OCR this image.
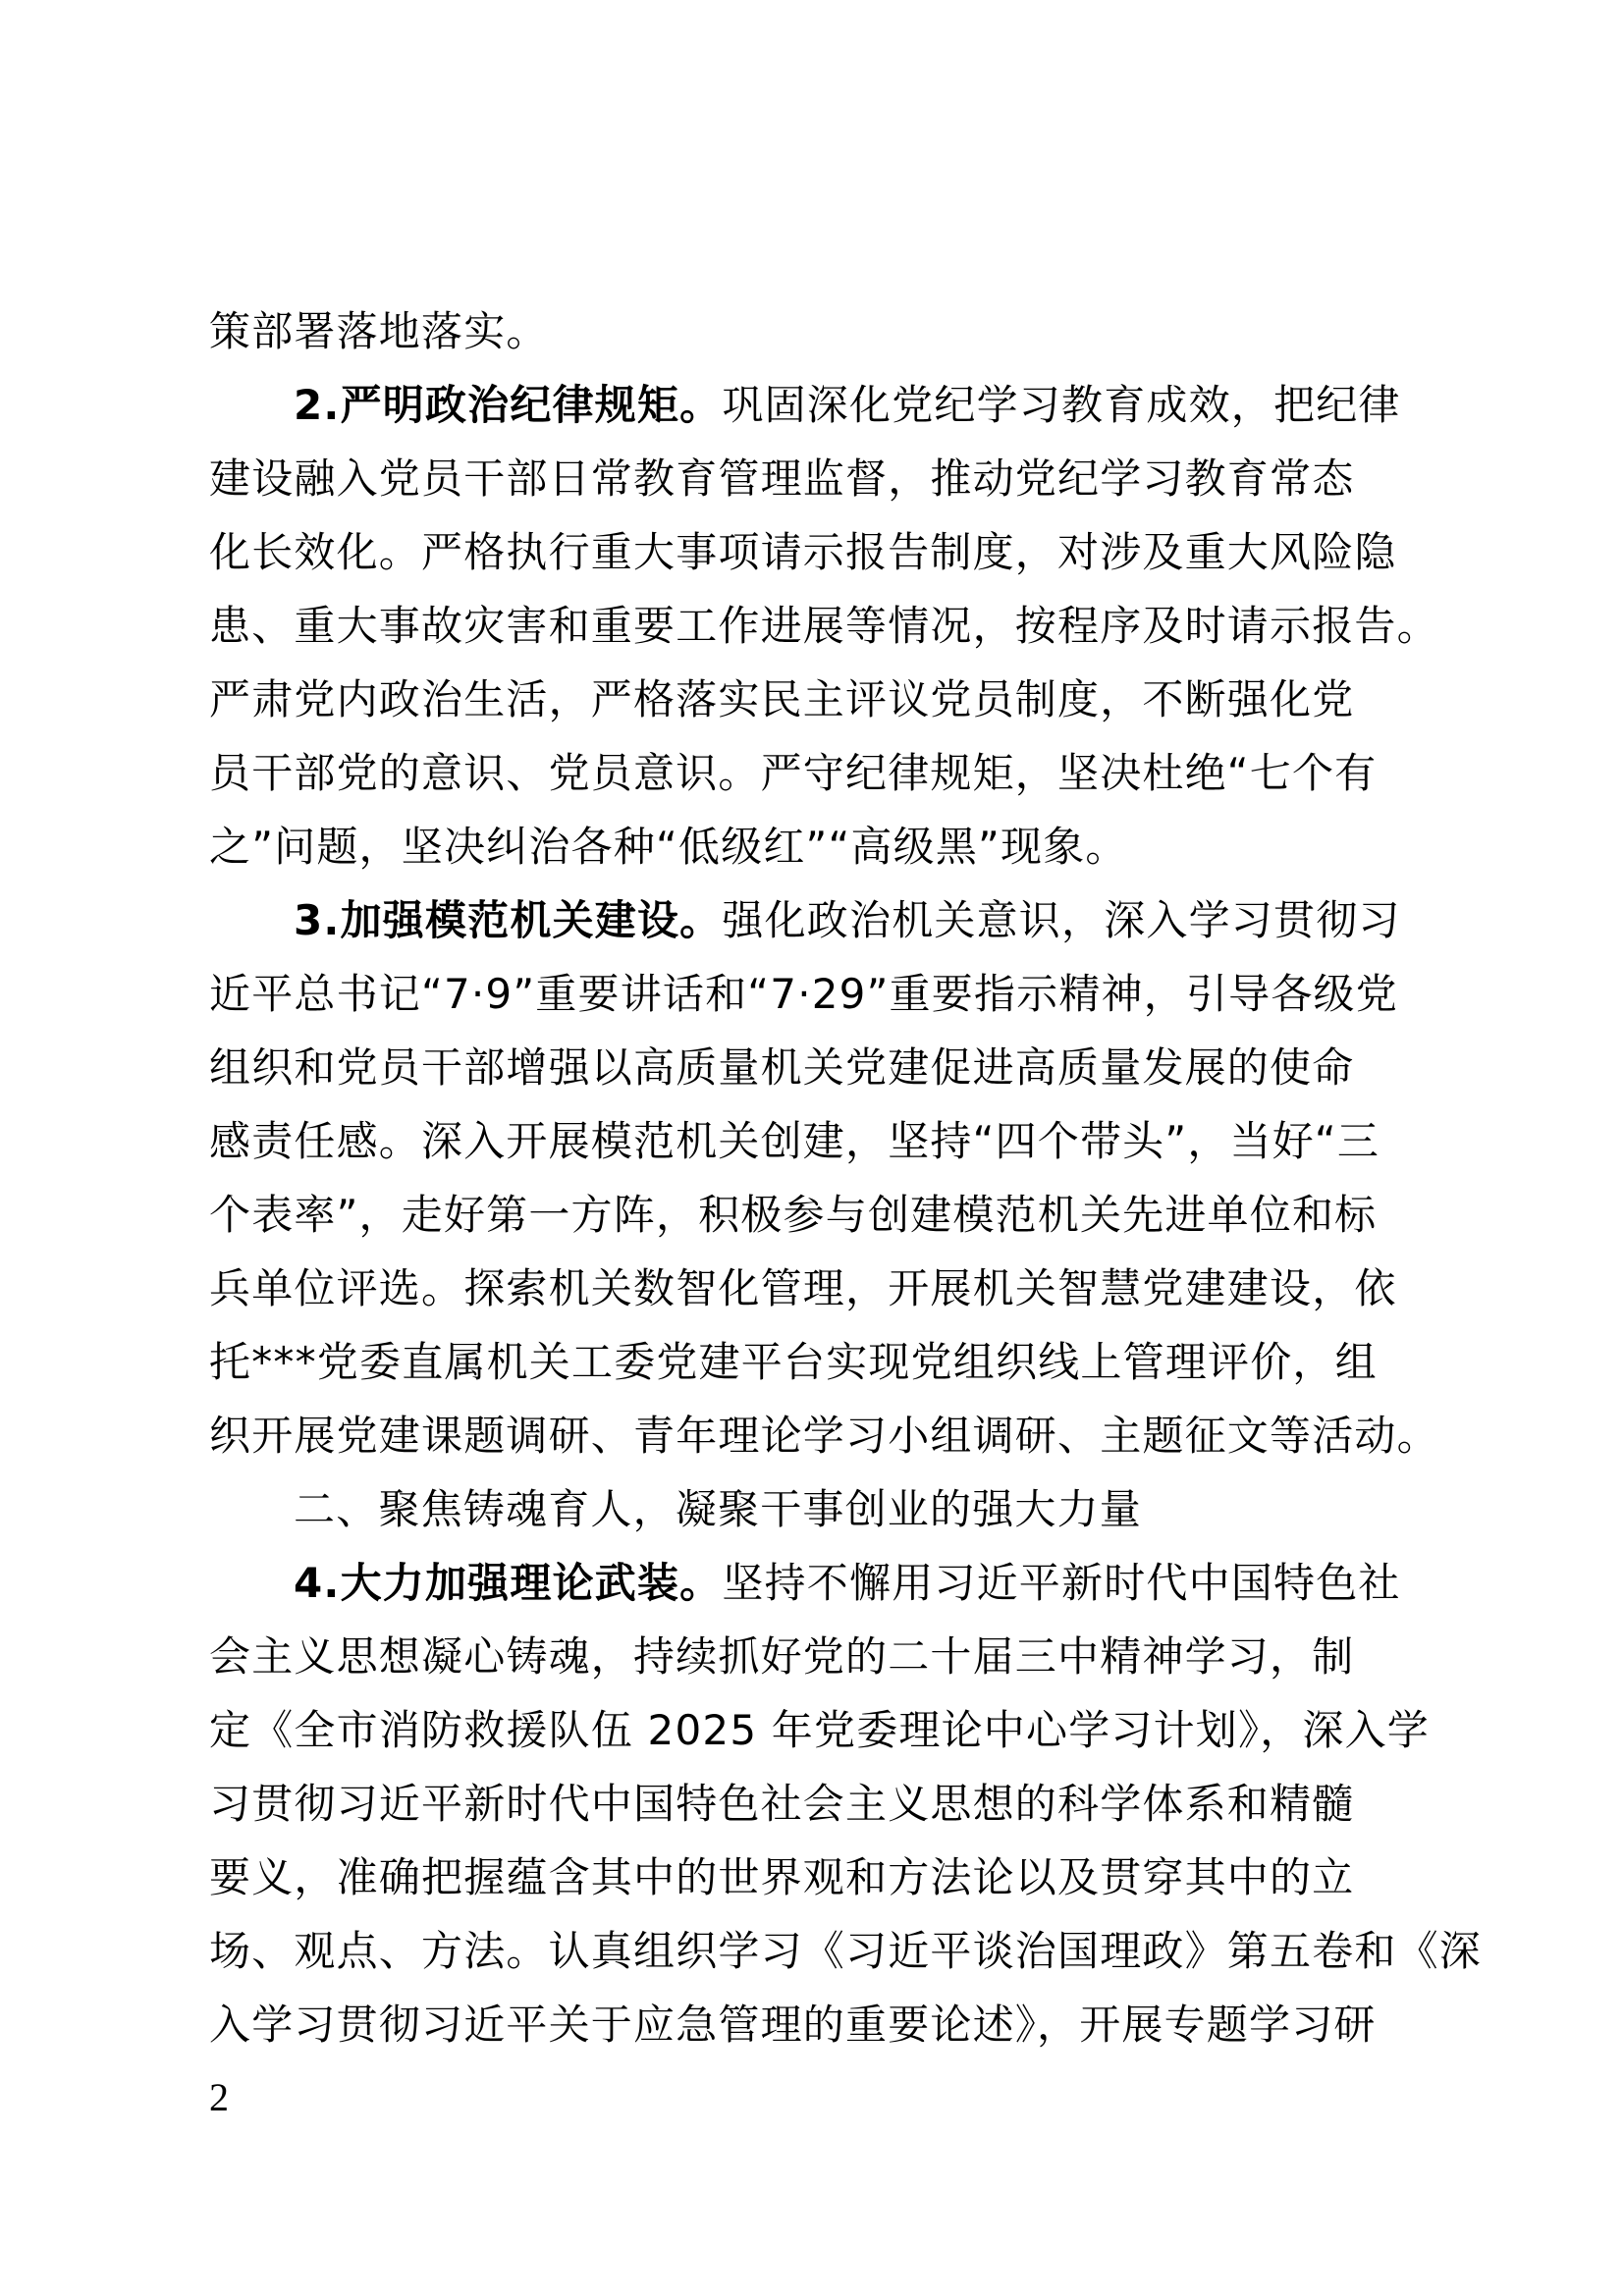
策部署落地落实。
2.严明政治纪律规矩。巩固深化党纪学习教育成效，把纪律
建设融入党员干部日常教育管理监督，推动党纪学习教育常态
化长效化。严格执行重大事项请示报告制度，对涉及重大风险隐
患、重大事故灾害和重要工作进展等情况，按程序及时请示报告。
严肃党内政治生活，严格落实民主评议党员制度，不断强化党
员干部党的意识、党员意识。严守纪律规矩，坚决杜绝“七个有
之”问题，坚决纠治各种“低级红”“高级黑”现象。
3.加强模范机关建设。强化政治机关意识，深入学习贯彻习
近平总书记“7·9”重要讲话和“7·29”重要指示精神，引导各级党
组织和党员干部增强以高质量机关党建促进高质量发展的使命
感责任感。深入开展模范机关创建，坚持“四个带头”，当好“三
个表率”，走好第一方阵，积极参与创建模范机关先进单位和标
兵单位评选。探索机关数智化管理，开展机关智慧党建建设，依
托***党委直属机关工委党建平台实现党组织线上管理评价，组
织开展党建课题调研、青年理论学习小组调研、主题征文等活动。
二、聚焦铸魂育人，凝聚干事创业的强大力量
4.大力加强理论武装。坚持不懈用习近平新时代中国特色社
会主义思想凝心铸魂，持续抓好党的二十届三中精神学习，制
定《全市消防救援队伍 2025 年党委理论中心学习计划》，深入学
习贯彻习近平新时代中国特色社会主义思想的科学体系和精髓
要义，准确把握蕴含其中的世界观和方法论以及贯穿其中的立
场、观点、方法。认真组织学习《习近平谈治国理政》第五卷和《深
入学习贯彻习近平关于应急管理的重要论述》，开展专题学习研
2
